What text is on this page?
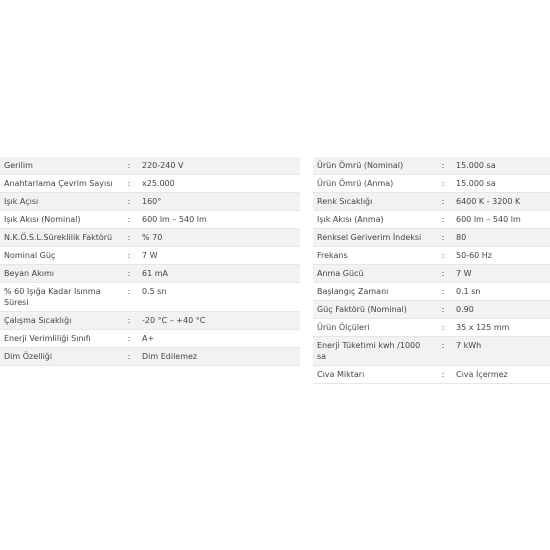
Gerilim	:	220-240 V
Anahtarlama Çevrim Sayısı	:	x25.000
Işık Açısı	:	160°
Işık Akısı (Nominal)	:	600 lm – 540 lm
N.K.Ö.S.L.Süreklilik Faktörü	:	% 70
Nominal Güç	:	7 W
Beyan Akımı	:	61 mA
% 60 Işığa Kadar Isınma Süresi	:	0.5 sn
Çalışma Sıcaklığı	:	-20 °C – +40 °C
Enerji Verimliliği Sınıfı	:	A+
Dim Özelliği	:	Dim Edilemez
Ürün Ömrü (Nominal)	:	15.000 sa
Ürün Ömrü (Anma)	:	15.000 sa
Renk Sıcaklığı	:	6400 K - 3200 K
Işık Akısı (Anma)	:	600 lm – 540 lm
Renksel Geriverim İndeksi	:	80
Frekans	:	50-60 Hz
Anma Gücü	:	7 W
Başlangıç Zamanı	:	0.1 sn
Güç Faktörü (Nominal)	:	0.90
Ürün Ölçüleri	:	35 x 125 mm
Enerji Tüketimi kwh /1000 sa	:	7 kWh
Cıva Miktarı	:	Cıva İçermez
